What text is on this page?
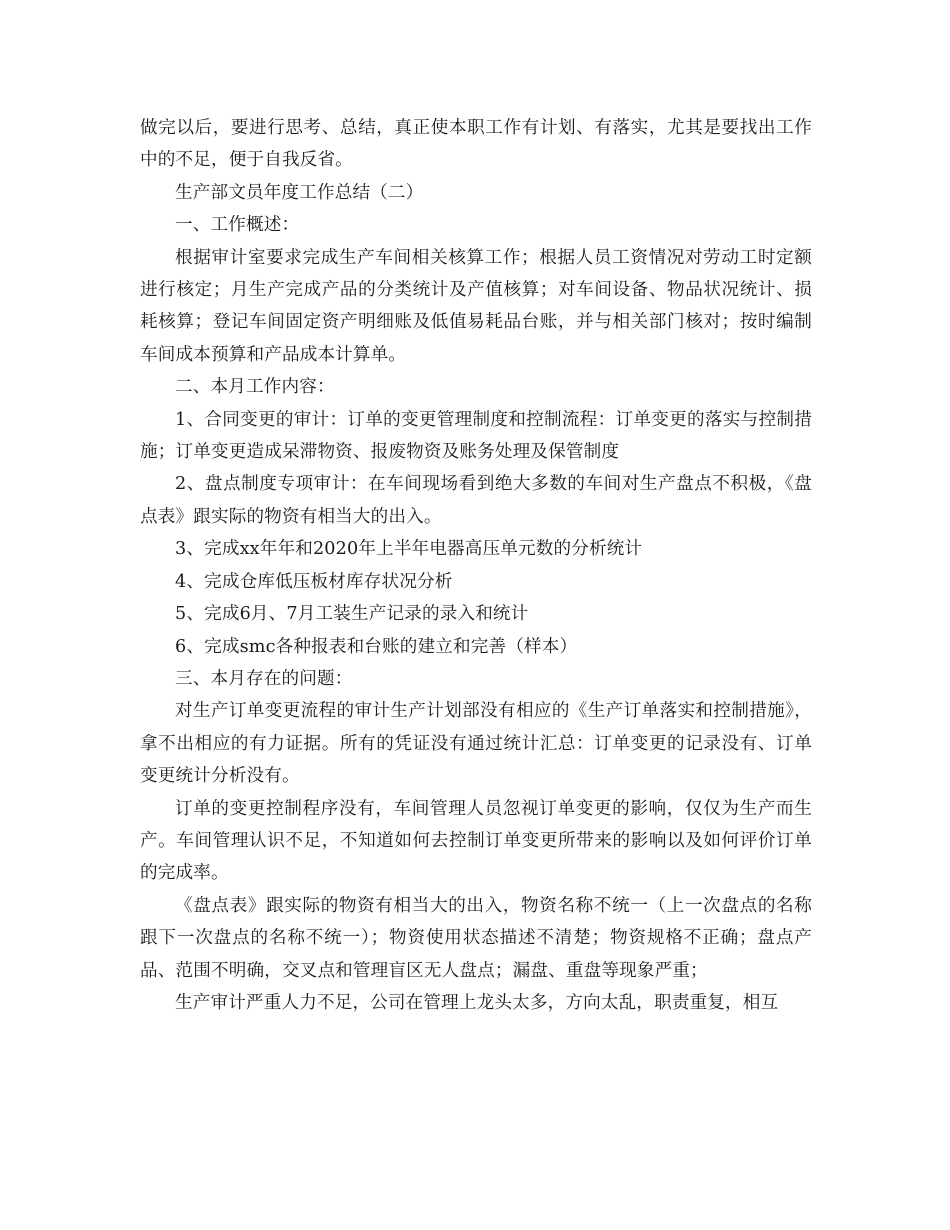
做完以后，要进行思考、总结，真正使本职工作有计划、有落实，尤其是要找出工作中的不足，便于自我反省。

生产部文员年度工作总结（二）

一、工作概述：

根据审计室要求完成生产车间相关核算工作；根据人员工资情况对劳动工时定额进行核定；月生产完成产品的分类统计及产值核算；对车间设备、物品状况统计、损耗核算；登记车间固定资产明细账及低值易耗品台账，并与相关部门核对；按时编制车间成本预算和产品成本计算单。

二、本月工作内容：

1、合同变更的审计：订单的变更管理制度和控制流程：订单变更的落实与控制措施；订单变更造成呆滞物资、报废物资及账务处理及保管制度

2、盘点制度专项审计：在车间现场看到绝大多数的车间对生产盘点不积极，《盘点表》跟实际的物资有相当大的出入。

3、完成xx年年和2020年上半年电器高压单元数的分析统计

4、完成仓库低压板材库存状况分析

5、完成6月、7月工装生产记录的录入和统计

6、完成smc各种报表和台账的建立和完善（样本）

三、本月存在的问题：

对生产订单变更流程的审计生产计划部没有相应的《生产订单落实和控制措施》，拿不出相应的有力证据。所有的凭证没有通过统计汇总：订单变更的记录没有、订单变更统计分析没有。

订单的变更控制程序没有，车间管理人员忽视订单变更的影响，仅仅为生产而生产。车间管理认识不足，不知道如何去控制订单变更所带来的影响以及如何评价订单的完成率。

《盘点表》跟实际的物资有相当大的出入，物资名称不统一（上一次盘点的名称跟下一次盘点的名称不统一）；物资使用状态描述不清楚；物资规格不正确；盘点产品、范围不明确，交叉点和管理盲区无人盘点；漏盘、重盘等现象严重；

生产审计严重人力不足，公司在管理上龙头太多，方向太乱，职责重复，相互
